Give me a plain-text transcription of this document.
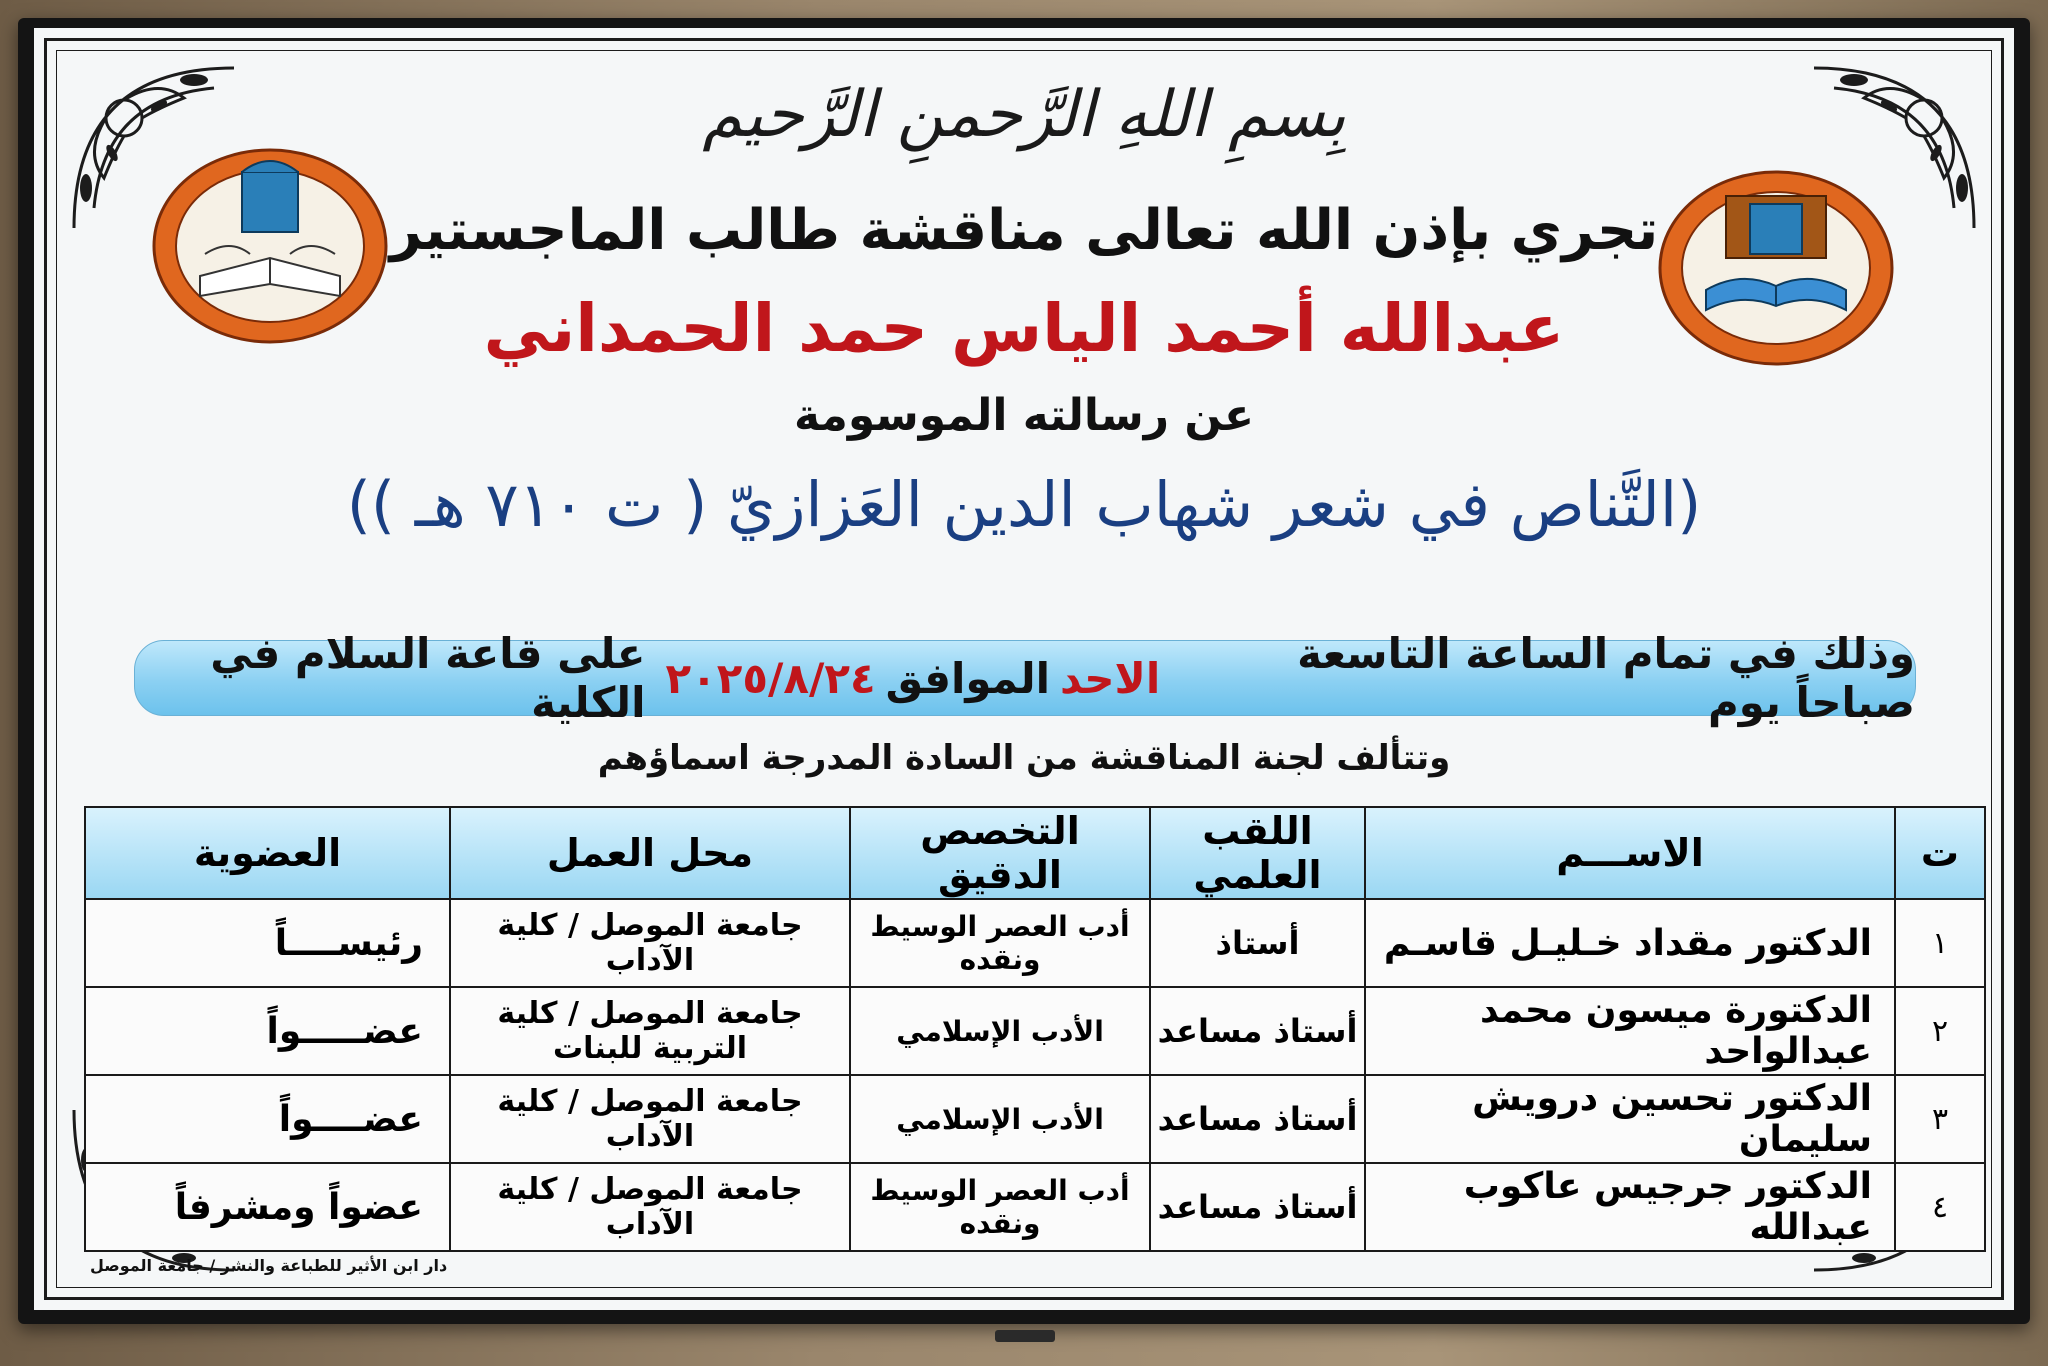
بِسمِ اللهِ الرَّحمنِ الرَّحيم
تجري بإذن الله تعالى مناقشة طالب الماجستير
عبدالله أحمد الياس حمد الحمداني
عن رسالته الموسومة
(التَّناص في شعر شهاب الدين العَزازيّ ( ت ٧١٠ هـ ))
وذلك في تمام الساعة التاسعة صباحاً يوم
الاحد
الموافق
٢٠٢٥/٨/٢٤
على قاعة السلام في الكلية
وتتألف لجنة المناقشة من السادة المدرجة اسماؤهم
ت	الاســـم	اللقب العلمي	التخصص الدقيق	محل العمل	العضوية
١	الدكتور مقداد خـليـل قاسـم	أستاذ	أدب العصر الوسيط ونقده	جامعة الموصل / كلية الآداب	رئيســــاً
٢	الدكتورة ميسون محمد عبدالواحد	أستاذ مساعد	الأدب الإسلامي	جامعة الموصل / كلية التربية للبنات	عضـــــواً
٣	الدكتور تحسين درويش سليمان	أستاذ مساعد	الأدب الإسلامي	جامعة الموصل / كلية الآداب	عضــــواً
٤	الدكتور جرجيس عاكوب عبدالله	أستاذ مساعد	أدب العصر الوسيط ونقده	جامعة الموصل / كلية الآداب	عضواً ومشرفاً
دار ابن الأثير للطباعة والنشر / جامعة الموصل
